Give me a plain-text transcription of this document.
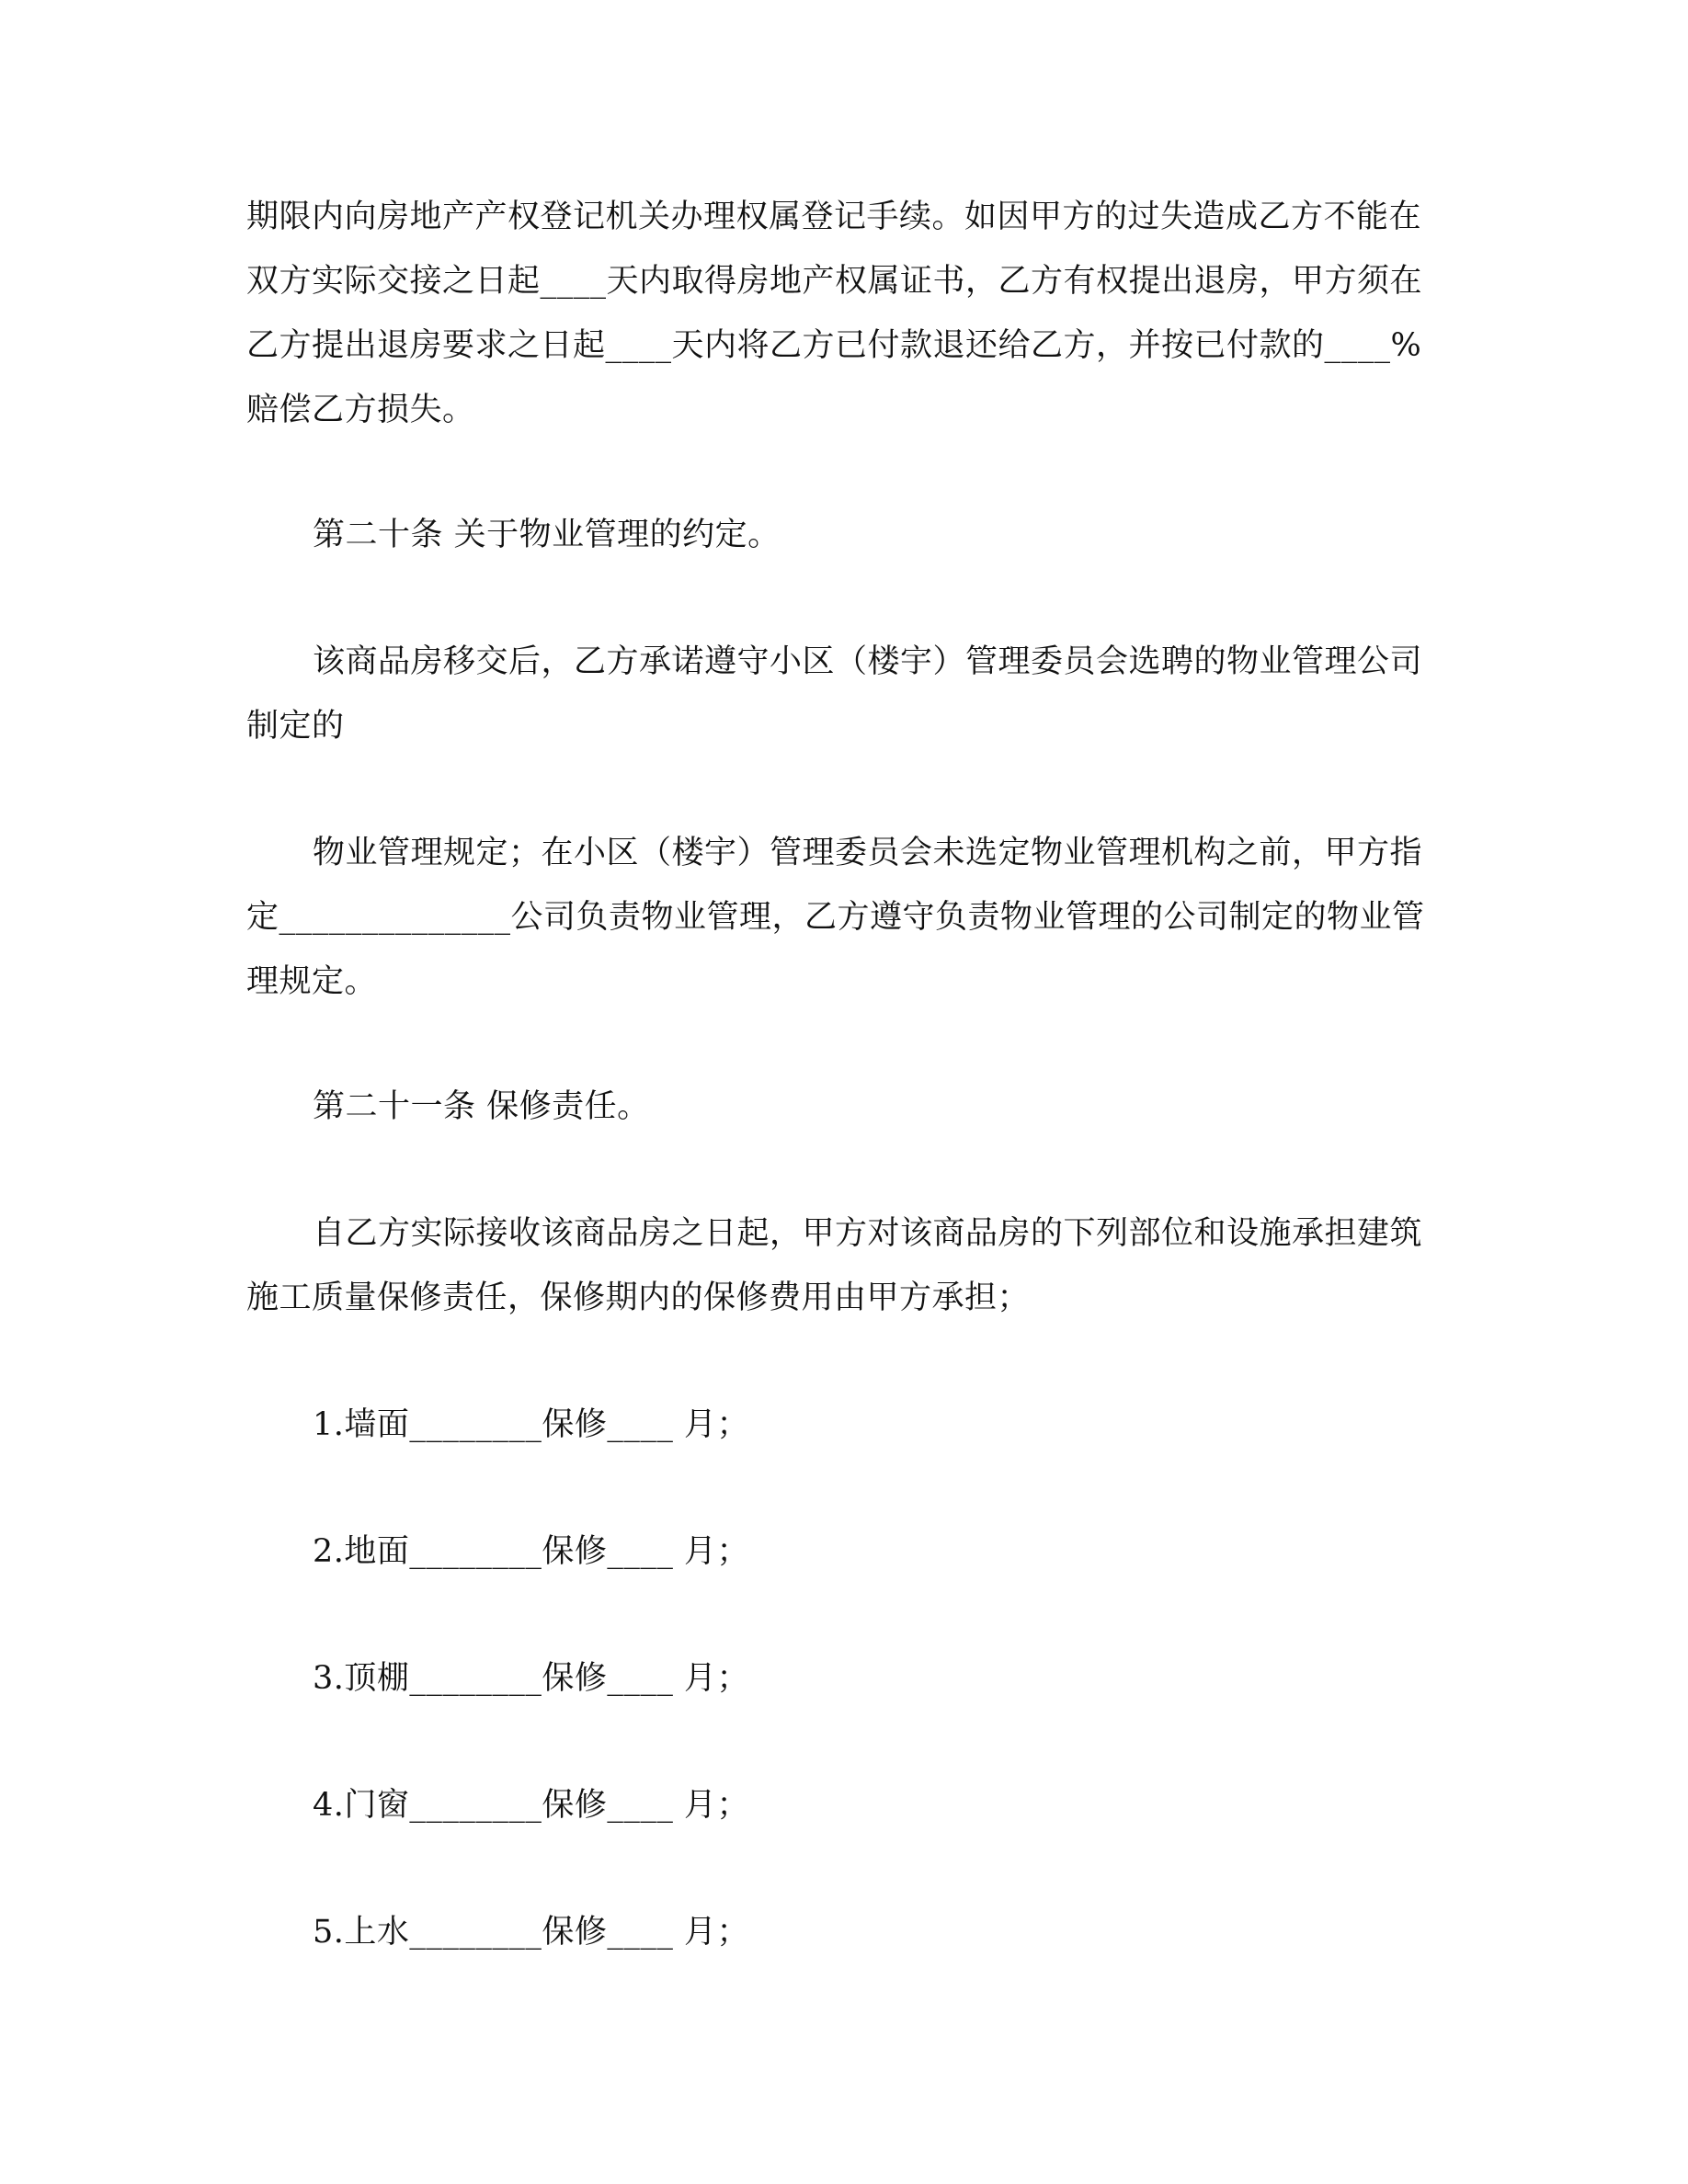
期限内向房地产产权登记机关办理权属登记手续。如因甲方的过失造成乙方不能在
双方实际交接之日起____天内取得房地产权属证书，乙方有权提出退房，甲方须在
乙方提出退房要求之日起____天内将乙方已付款退还给乙方，并按已付款的____%
赔偿乙方损失。
第二十条 关于物业管理的约定。
该商品房移交后，乙方承诺遵守小区（楼宇）管理委员会选聘的物业管理公司
制定的
物业管理规定；在小区（楼宇）管理委员会未选定物业管理机构之前，甲方指
定______________公司负责物业管理，乙方遵守负责物业管理的公司制定的物业管
理规定。
第二十一条 保修责任。
自乙方实际接收该商品房之日起，甲方对该商品房的下列部位和设施承担建筑
施工质量保修责任，保修期内的保修费用由甲方承担；
1.墙面________保修____ 月；
2.地面________保修____ 月；
3.顶棚________保修____ 月；
4.门窗________保修____ 月；
5.上水________保修____ 月；
